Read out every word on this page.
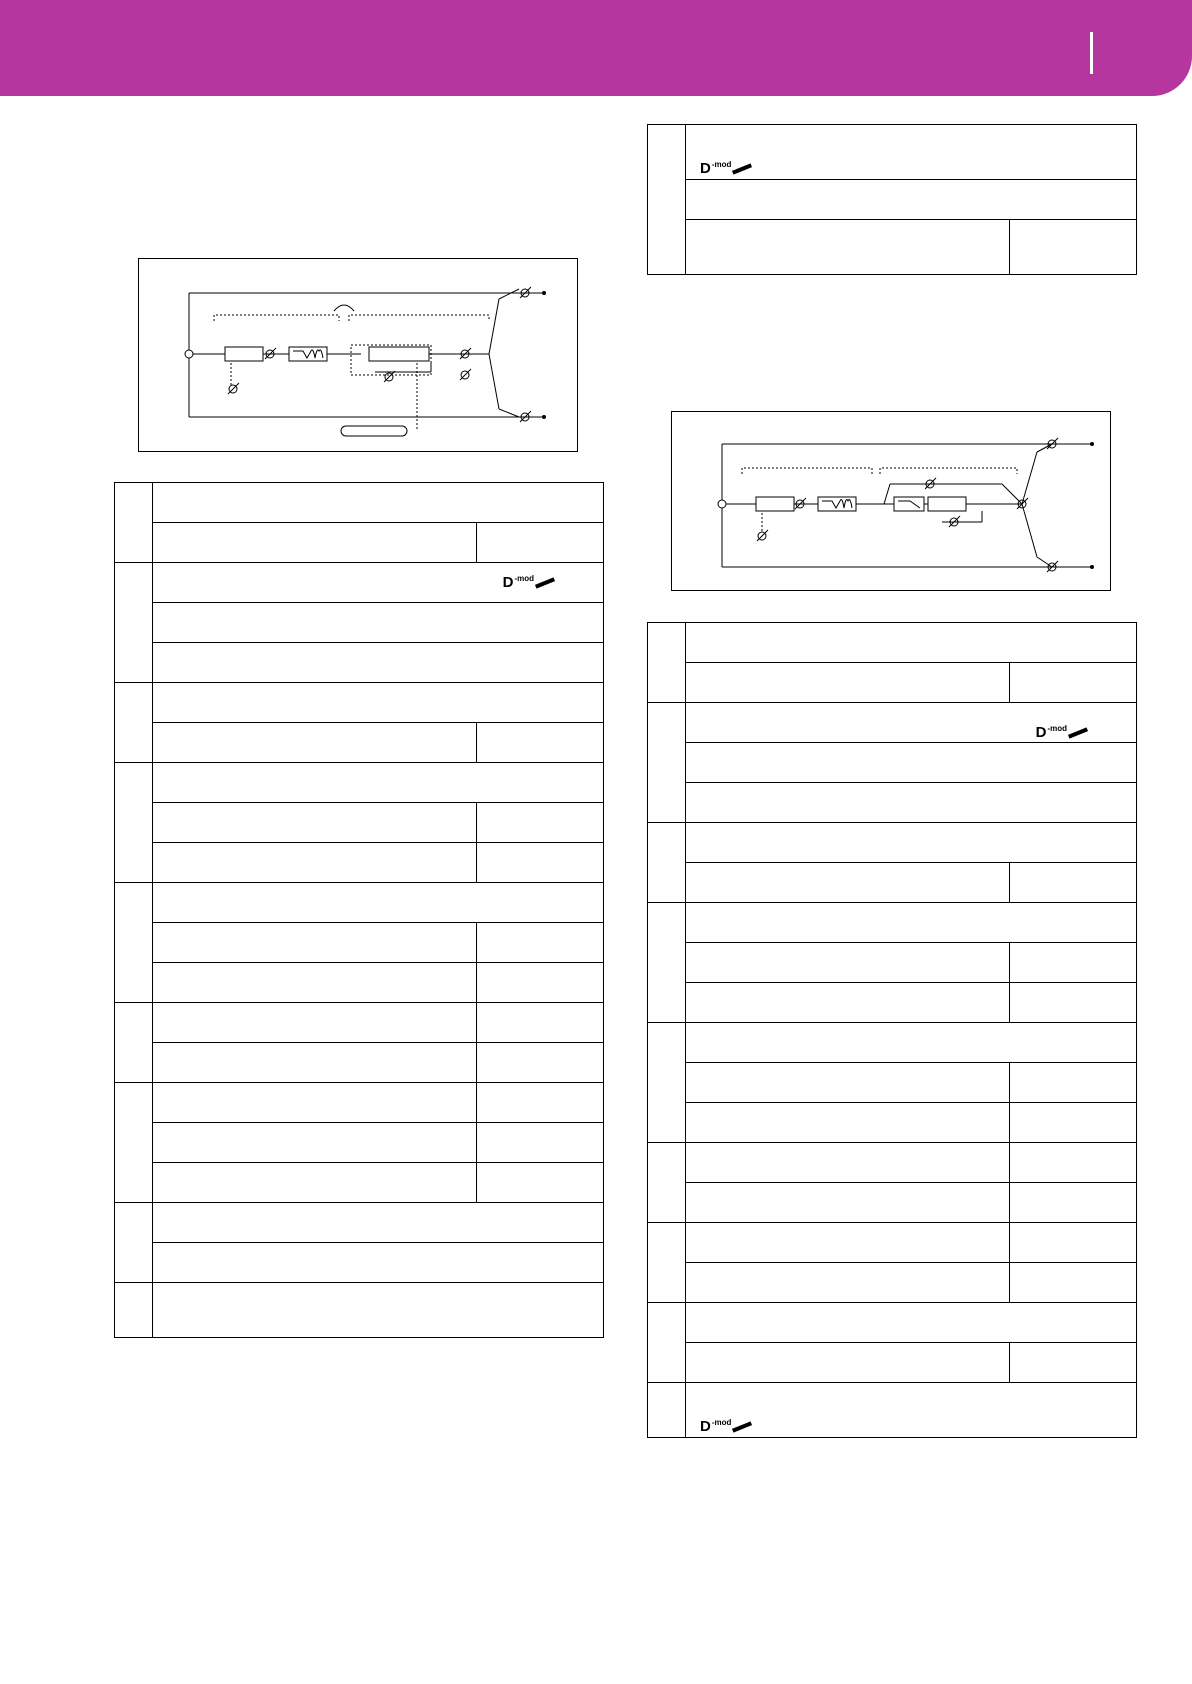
	D -mod	

	D -mod	

	D -mod	

	D -mod	
